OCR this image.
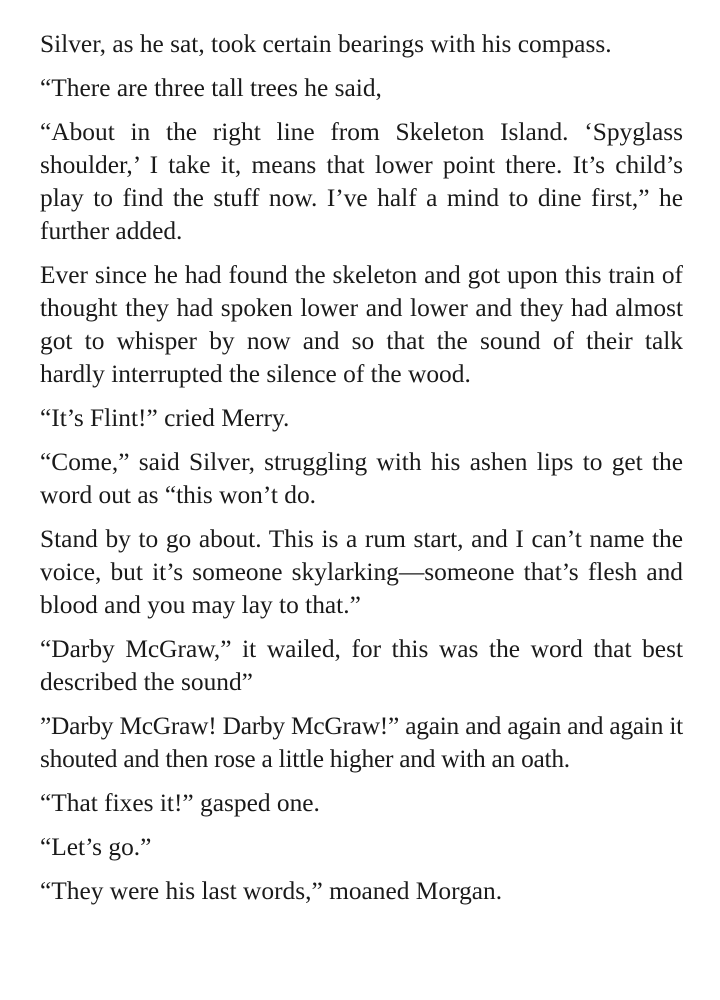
Silver, as he sat, took certain bearings with his compass.

“There are three tall trees he said,

“About in the right line from Skeleton Island. ‘Spyglass shoulder,’ I take it, means that lower point there. It’s child’s play to find the stuff now. I’ve half a mind to dine first,” he further added.

Ever since he had found the skeleton and got upon this train of thought they had spoken lower and lower and they had almost got to whisper by now and so that the sound of their talk hardly interrupted the silence of the wood.

“It’s Flint!” cried Merry.

“Come,” said Silver, struggling with his ashen lips to get the word out as “this won’t do.

Stand by to go about. This is a rum start, and I can’t name the voice, but it’s someone skylarking—someone that’s flesh and blood and you may lay to that.”

“Darby McGraw,” it wailed, for this was the word that best described the sound”

”Darby McGraw! Darby McGraw!” again and again and again it shouted and then rose a little higher and with an oath.

“That fixes it!” gasped one.

“Let’s go.”

“They were his last words,” moaned Morgan.
